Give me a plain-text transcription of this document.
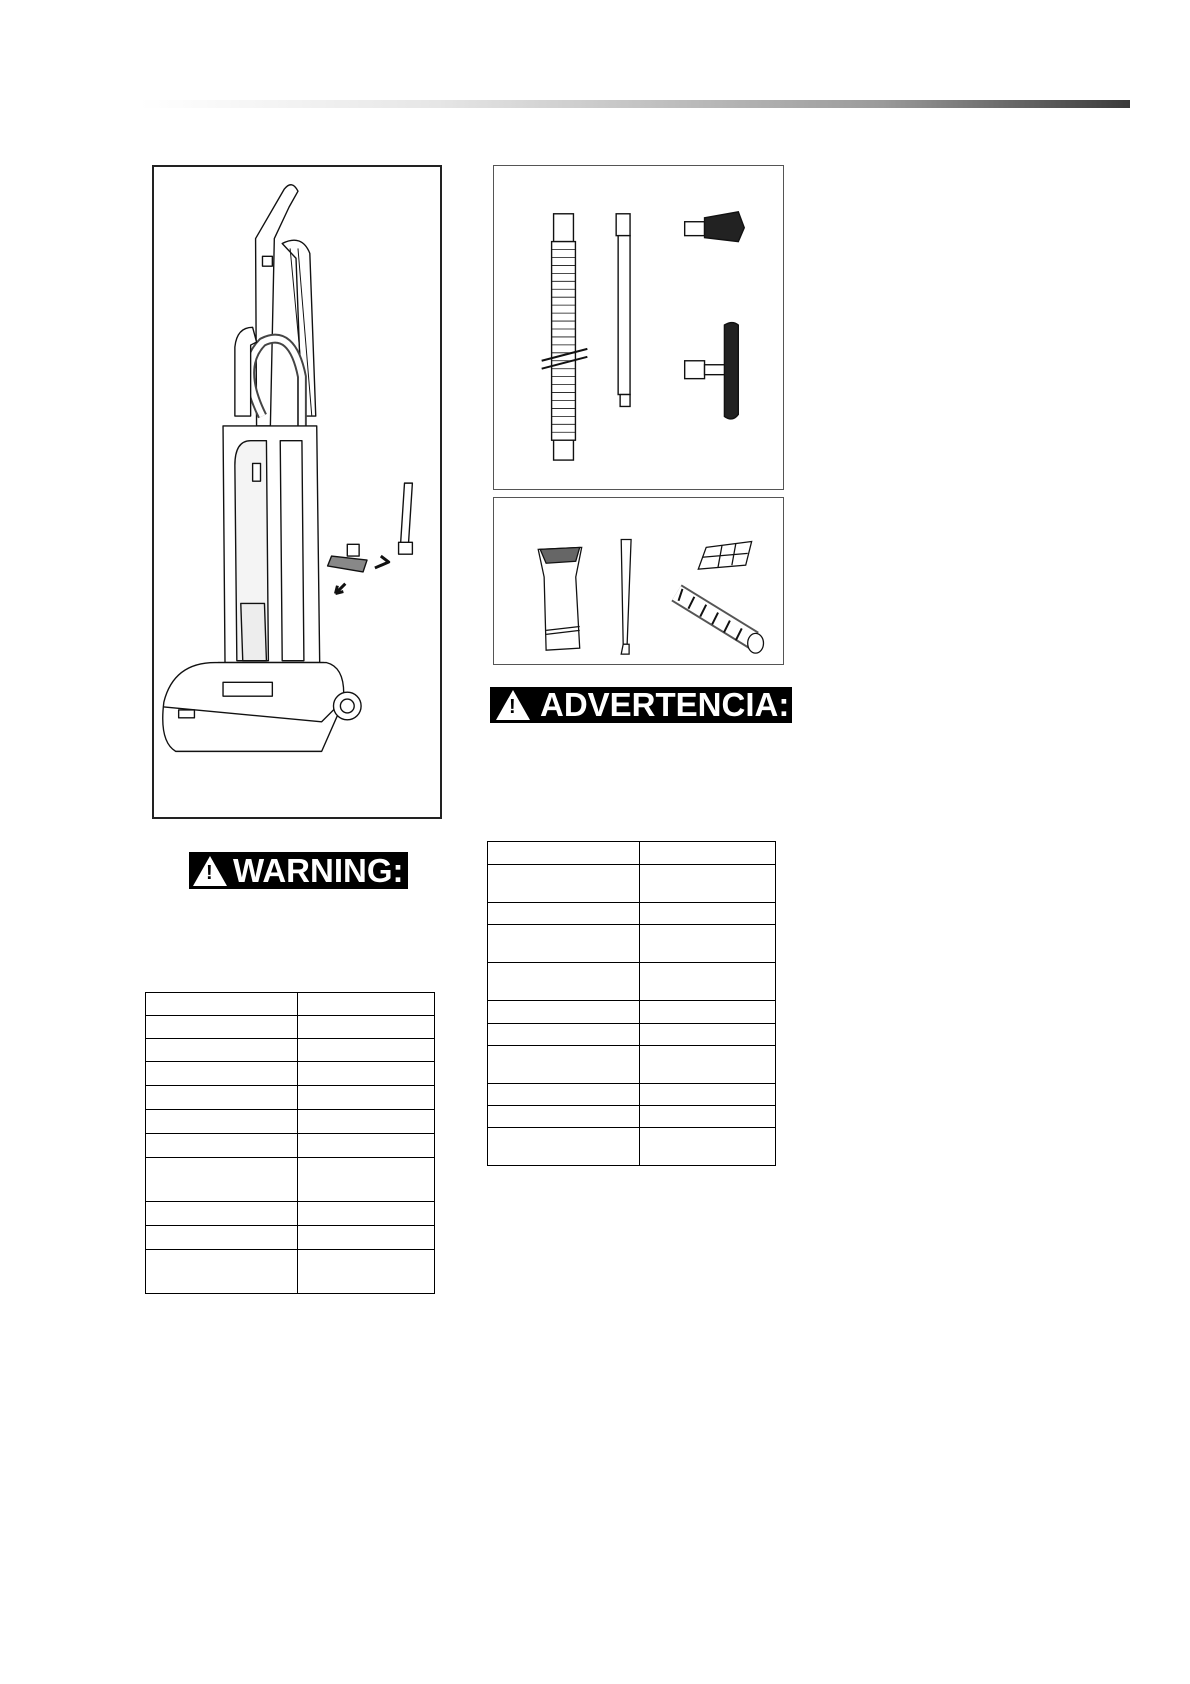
! ADVERTENCIA:
! WARNING:
